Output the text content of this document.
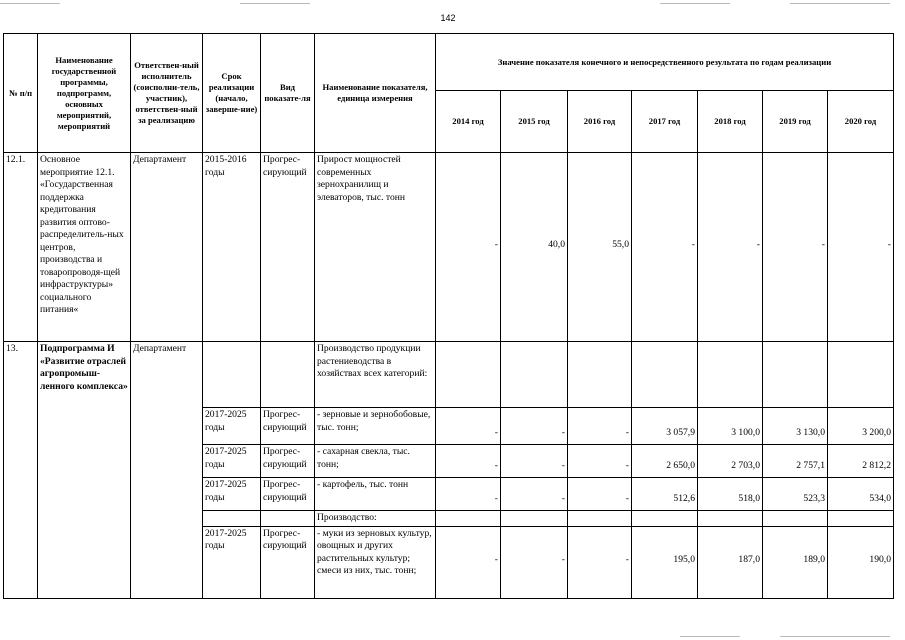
142
№ п/п	Наименование государственной программы, подпрограмм, основных мероприятий, мероприятий	Ответствен-ный исполнитель (соисполни-тель, участник), ответствен-ный за реализацию	Срок реализации (начало, заверше-ние)	Вид показате-ля	Наименование показателя, единица измерения	Значение показателя конечного и непосредственного результата по годам реализации						
						2014 год	2015 год	2016 год	2017 год	2018 год	2019 год	2020 год
12.1.	Основное мероприятие 12.1. «Государственная поддержка кредитования развития оптово-распределитель-ных центров, производства и товаропроводя-щей инфраструктуры» социального питания«	Департамент	2015-2016 годы	Прогрес-сирующий	Прирост мощностей современных зернохранилищ и элеваторов, тыс. тонн	-	40,0	55,0	-	-	-	-
13.	Подпрограмма И «Развитие отраслей агропромыш-ленного комплекса»	Департамент			Производство продукции растениеводства в хозяйствах всех категорий:							
			2017-2025 годы	Прогрес-сирующий	- зерновые и зернобобовые, тыс. тонн;	-	-	-	3 057,9	3 100,0	3 130,0	3 200,0
			2017-2025 годы	Прогрес-сирующий	- сахарная свекла, тыс. тонн;	-	-	-	2 650,0	2 703,0	2 757,1	2 812,2
			2017-2025 годы	Прогрес-сирующий	- картофель, тыс. тонн	-	-	-	512,6	518,0	523,3	534,0
					Производство:							
			2017-2025 годы	Прогрес-сирующий	- муки из зерновых культур, овощных и других растительных культур; смеси из них, тыс. тонн;	-	-	-	195,0	187,0	189,0	190,0
